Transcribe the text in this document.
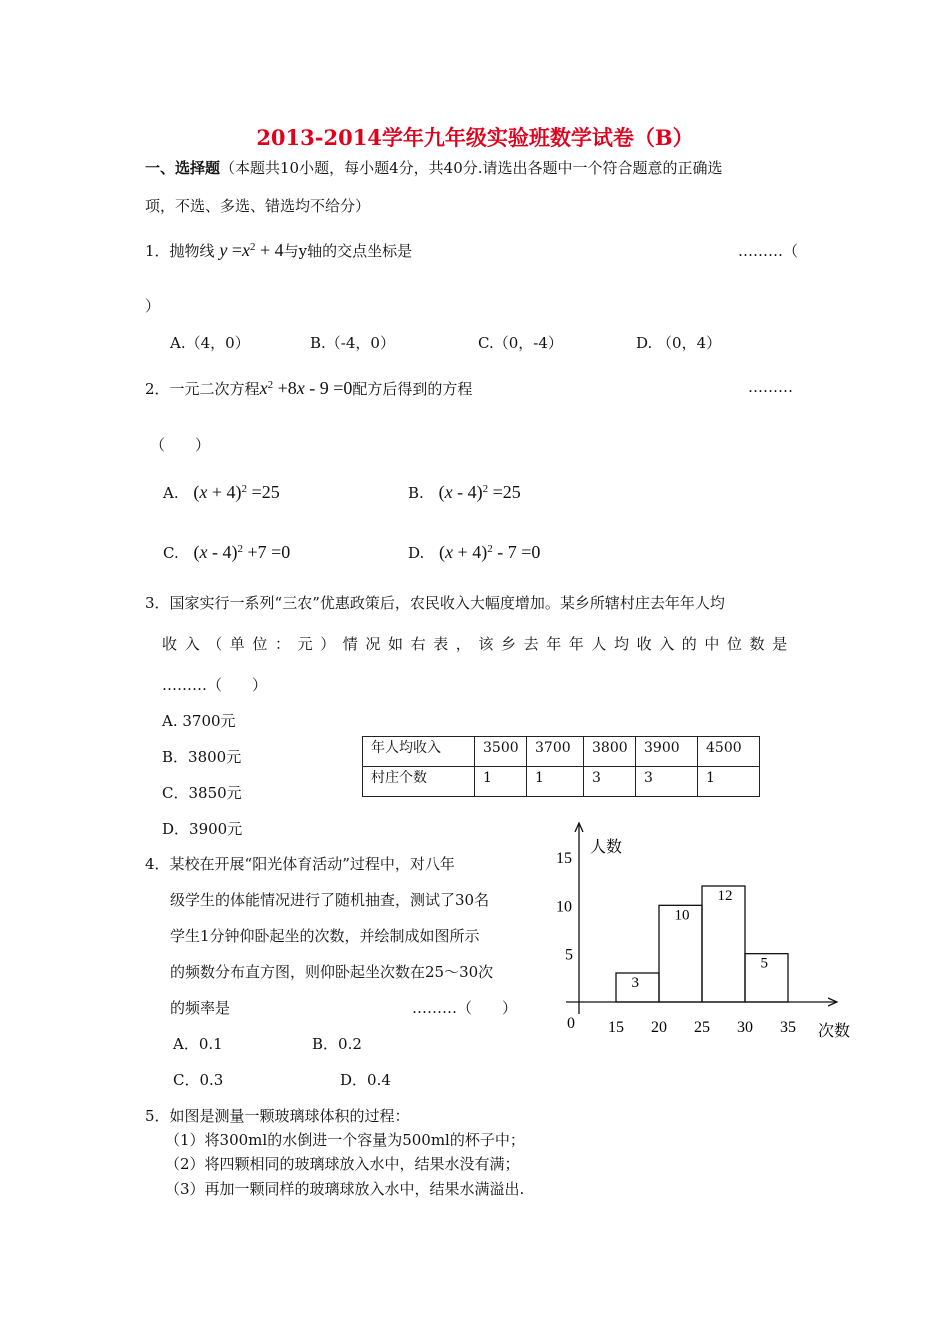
2013-2014学年九年级实验班数学试卷（B）
一、选择题（本题共10小题，每小题4分，共40分.请选出各题中一个符合题意的正确选
项，不选、多选、错选均不给分）
1．抛物线 $y =x^2 + 4$与y轴的交点坐标是	………（
）
A.（4，0）	B.（-4，0）	C.（0，-4）	D. （0，4）
2．一元二次方程$x^2 +8x - 9 =0$配方后得到的方程	………
（　　）
A. $(x + 4)^2 =25$	B. (x - 4)$^2$ =25
C. (x - 4)$^2$ +7 =0	D. $(x + 4)^2 - 7 =0$
3．国家实行一系列“三农”优惠政策后，农民收入大幅度增加。某乡所辖村庄去年年人均
收入（单位：元）情况如右表，该乡去年年人均收入的中位数是
………（　　）
A. 3700元
B．3800元
C．3850元
D．3900元
年人均收入	3500	3700	3800	3900	4500
村庄个数	1	1	3	3	1
4．某校在开展“阳光体育活动”过程中，对八年
级学生的体能情况进行了随机抽查，测试了30名
学生1分钟仰卧起坐的次数，并绘制成如图所示
的频数分布直方图，则仰卧起坐次数在25～30次
的频率是	………（　　）
A．0.1	B．0.2
C．0.3	D．0.4
人数
次数
0
5
10
15
15 20 25 30 35
3
10
12
5
5．如图是测量一颗玻璃球体积的过程：
（1）将300ml的水倒进一个容量为500ml的杯子中；
（2）将四颗相同的玻璃球放入水中，结果水没有满；
（3）再加一颗同样的玻璃球放入水中，结果水满溢出.
